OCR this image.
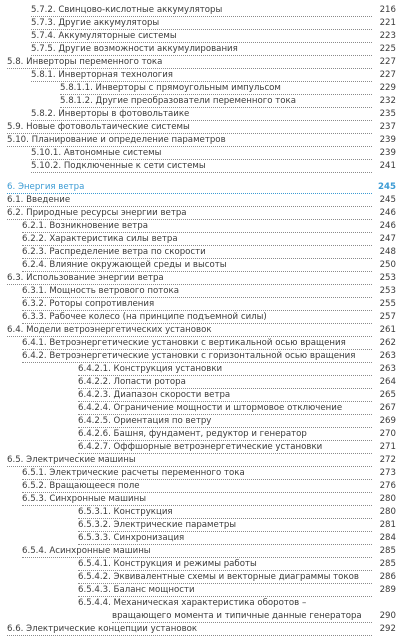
5.7.2. Свинцово-кислотные аккумуляторы	216
5.7.3. Другие аккумуляторы	221
5.7.4. Аккумуляторные системы	223
5.7.5. Другие возможности аккумулирования	225
5.8. Инверторы переменного тока	227
5.8.1. Инверторная технология	227
5.8.1.1. Инверторы с прямоугольным импульсом	229
5.8.1.2. Другие преобразователи переменного тока	232
5.8.2. Инверторы в фотовольтаике	235
5.9. Новые фотовольтаические системы	237
5.10. Планирование и определение параметров	239
5.10.1. Автономные системы	239
5.10.2. Подключенные к сети системы	241
6. Энергия ветра	245
6.1. Введение	245
6.2. Природные ресурсы энергии ветра	246
6.2.1. Возникновение ветра	246
6.2.2. Характеристика силы ветра	247
6.2.3. Распределение ветра по скорости	248
6.2.4. Влияние окружающей среды и высоты	250
6.3. Использование энергии ветра	253
6.3.1. Мощность ветрового потока	253
6.3.2. Роторы сопротивления	255
6.3.3. Рабочее колесо (на принципе подъемной силы)	257
6.4. Модели ветроэнергетических установок	261
6.4.1. Ветроэнергетические установки с вертикальной осью вращения	262
6.4.2. Ветроэнергетические установки с горизонтальной осью вращения	263
6.4.2.1. Конструкция установки	263
6.4.2.2. Лопасти ротора	264
6.4.2.3. Диапазон скорости ветра	265
6.4.2.4. Ограничение мощности и штормовое отключение	267
6.4.2.5. Ориентация по ветру	269
6.4.2.6. Башня, фундамент, редуктор и генератор	270
6.4.2.7. Оффшорные ветроэнергетические установки	271
6.5. Электрические машины	272
6.5.1. Электрические расчеты переменного тока	273
6.5.2. Вращающееся поле	276
6.5.3. Синхронные машины	280
6.5.3.1. Конструкция	280
6.5.3.2. Электрические параметры	281
6.5.3.3. Синхронизация	284
6.5.4. Асинхронные машины	285
6.5.4.1. Конструкция и режимы работы	285
6.5.4.2. Эквивалентные схемы и векторные диаграммы токов	286
6.5.4.3. Баланс мощности	289
6.5.4.4. Механическая характеристика оборотов –
вращающего момента и типичные данные генератора	290
6.6. Электрические концепции установок	292
